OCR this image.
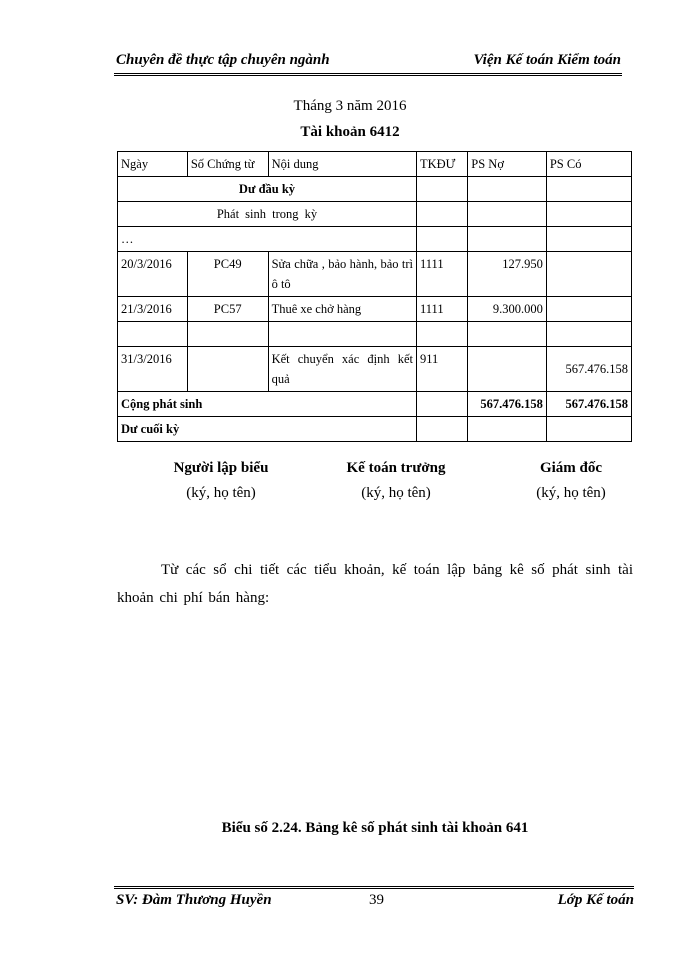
Chuyên đề thực tập chuyên ngành	Viện Kế toán Kiểm toán
Tháng 3 năm 2016
Tài khoản 6412
Ngày	Số Chứng từ	Nội dung	TKĐƯ	PS Nợ	PS Có
Dư đầu kỳ					
Phát sinh trong kỳ					
…					
20/3/2016	PC49	Sửa chữa , bảo hành, bảo trì ô tô	1111	127.950	
21/3/2016	PC57	Thuê xe chở hàng	1111	9.300.000	

31/3/2016		Kết chuyển xác định kết quả	911		567.476.158
Cộng phát sinh				567.476.158	567.476.158
Dư cuối kỳ					
Người lập biểu
(ký, họ tên)
Kế toán trưởng
(ký, họ tên)
Giám đốc
(ký, họ tên)
Từ các sổ chi tiết các tiểu khoản, kế toán lập bảng kê số phát sinh tài khoản chi phí bán hàng:
Biểu số 2.24. Bảng kê số phát sinh tài khoản 641
SV: Đàm Thương Huyền	39	Lớp Kế toán
